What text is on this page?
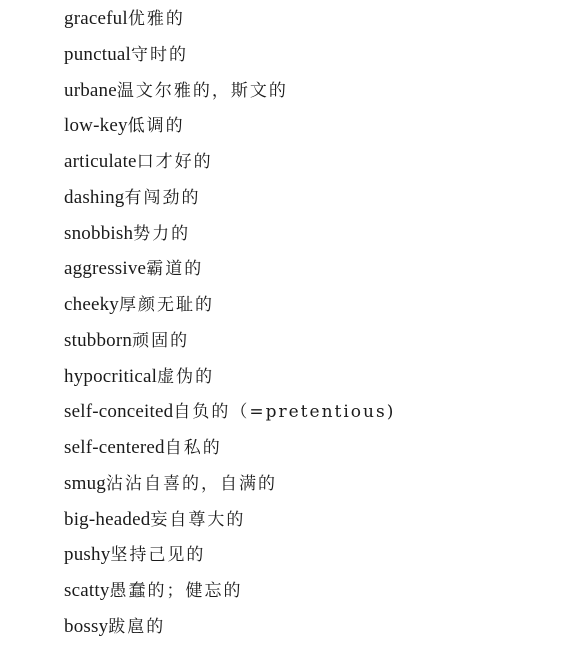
graceful优雅的
punctual守时的
urbane温文尔雅的，斯文的
low-key低调的
articulate口才好的
dashing有闯劲的
snobbish势力的
aggressive霸道的
cheeky厚颜无耻的
stubborn顽固的
hypocritical虚伪的
self-conceited自负的（=pretentious)
self-centered自私的
smug沾沾自喜的，自满的
big-headed妄自尊大的
pushy坚持己见的
scatty愚蠢的；健忘的
bossy跋扈的
